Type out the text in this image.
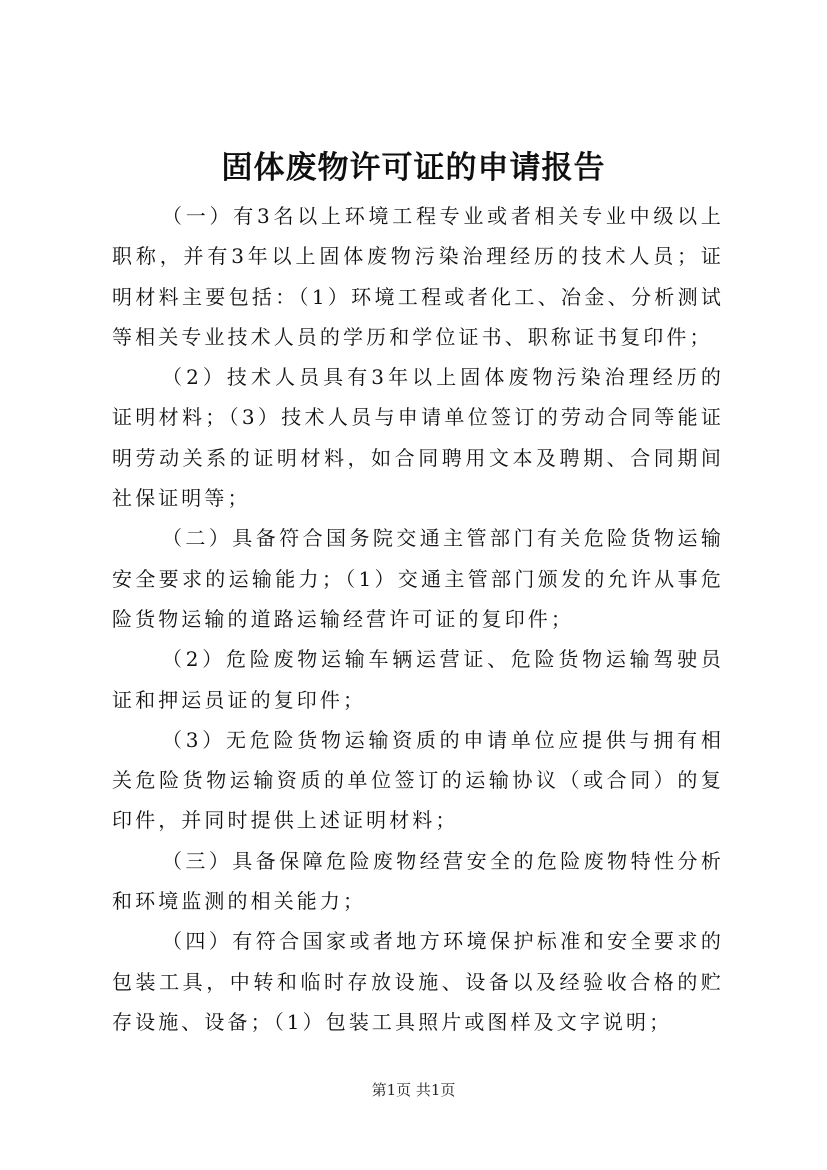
固体废物许可证的申请报告

（一）有3名以上环境工程专业或者相关专业中级以上职称，并有3年以上固体废物污染治理经历的技术人员；证明材料主要包括：（1）环境工程或者化工、冶金、分析测试等相关专业技术人员的学历和学位证书、职称证书复印件；

（2）技术人员具有3年以上固体废物污染治理经历的证明材料；（3）技术人员与申请单位签订的劳动合同等能证明劳动关系的证明材料，如合同聘用文本及聘期、合同期间社保证明等；

（二）具备符合国务院交通主管部门有关危险货物运输安全要求的运输能力；（1）交通主管部门颁发的允许从事危险货物运输的道路运输经营许可证的复印件；

（2）危险废物运输车辆运营证、危险货物运输驾驶员证和押运员证的复印件；

（3）无危险货物运输资质的申请单位应提供与拥有相关危险货物运输资质的单位签订的运输协议（或合同）的复印件，并同时提供上述证明材料；

（三）具备保障危险废物经营安全的危险废物特性分析和环境监测的相关能力；

（四）有符合国家或者地方环境保护标准和安全要求的包装工具，中转和临时存放设施、设备以及经验收合格的贮存设施、设备；（1）包装工具照片或图样及文字说明；

第1页 共1页
